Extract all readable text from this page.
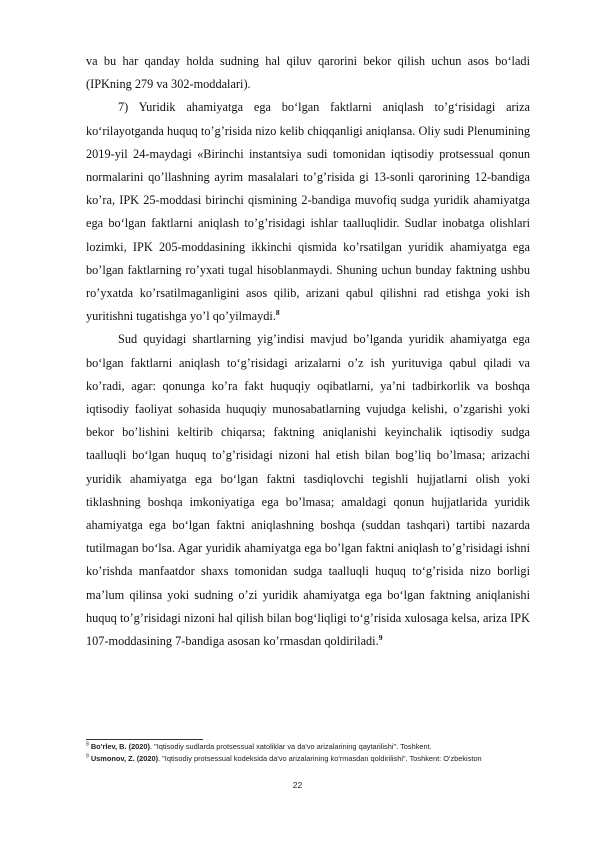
va bu har qanday holda sudning hal qiluv qarorini bekor qilish uchun asos bo‘ladi (IPKning 279 va 302-moddalari).

7) Yuridik ahamiyatga ega bo‘lgan faktlarni aniqlash to’g‘risidagi ariza ko‘rilayotganda huquq to’g’risida nizo kelib chiqqanligi aniqlansa. Oliy sudi Plenumining 2019-yil 24-maydagi «Birinchi instantsiya sudi tomonidan iqtisodiy protsessual qonun normalarini qo’llashning ayrim masalalari to’g’risida gi 13-sonli qarorining 12-bandiga ko’ra, IPK 25-moddasi birinchi qismining 2-bandiga muvofiq sudga yuridik ahamiyatga ega bo‘lgan faktlarni aniqlash to’g’risidagi ishlar taalluqlidir. Sudlar inobatga olishlari lozimki, IPK 205-moddasining ikkinchi qismida ko’rsatilgan yuridik ahamiyatga ega bo’lgan faktlarning ro’yxati tugal hisoblanmaydi. Shuning uchun bunday faktning ushbu ro’yxatda ko’rsatilmaganligini asos qilib, arizani qabul qilishni rad etishga yoki ish yuritishni tugatishga yo’l qo’yilmaydi.$^8$

Sud quyidagi shartlarning yig’indisi mavjud bo’lganda yuridik ahamiyatga ega bo‘lgan faktlarni aniqlash to‘g’risidagi arizalarni o’z ish yurituviga qabul qiladi va ko’radi, agar: qonunga ko’ra fakt huquqiy oqibatlarni, ya’ni tadbirkorlik va boshqa iqtisodiy faoliyat sohasida huquqiy munosabatlarning vujudga kelishi, o’zgarishi yoki bekor bo’lishini keltirib chiqarsa; faktning aniqlanishi keyinchalik iqtisodiy sudga taalluqli bo‘lgan huquq to’g’risidagi nizoni hal etish bilan bog’liq bo’lmasa; arizachi yuridik ahamiyatga ega bo‘lgan faktni tasdiqlovchi tegishli hujjatlarni olish yoki tiklashning boshqa imkoniyatiga ega bo’lmasa; amaldagi qonun hujjatlarida yuridik ahamiyatga ega bo‘lgan faktni aniqlashning boshqa (suddan tashqari) tartibi nazarda tutilmagan bo‘lsa. Agar yuridik ahamiyatga ega bo’lgan faktni aniqlash to’g’risidagi ishni ko’rishda manfaatdor shaxs tomonidan sudga taalluqli huquq to‘g’risida nizo borligi ma’lum qilinsa yoki sudning o’zi yuridik ahamiyatga ega bo‘lgan faktning aniqlanishi huquq to’g’risidagi nizoni hal qilish bilan bog‘liqligi to‘g’risida xulosaga kelsa, ariza IPK 107-moddasining 7-bandiga asosan ko’rmasdan qoldiriladi.$^9$

$^8$ Bo'rlev, B. (2020). "Iqtisodiy sudlarda protsessual xatoliklar va da'vo arizalarining qaytarilishi". Toshkent.

$^9$ Usmonov, Z. (2020). "Iqtisodiy protsessual kodeksida da'vo arizalarining ko'rmasdan qoldirilishi". Toshkent: O'zbekiston

22
